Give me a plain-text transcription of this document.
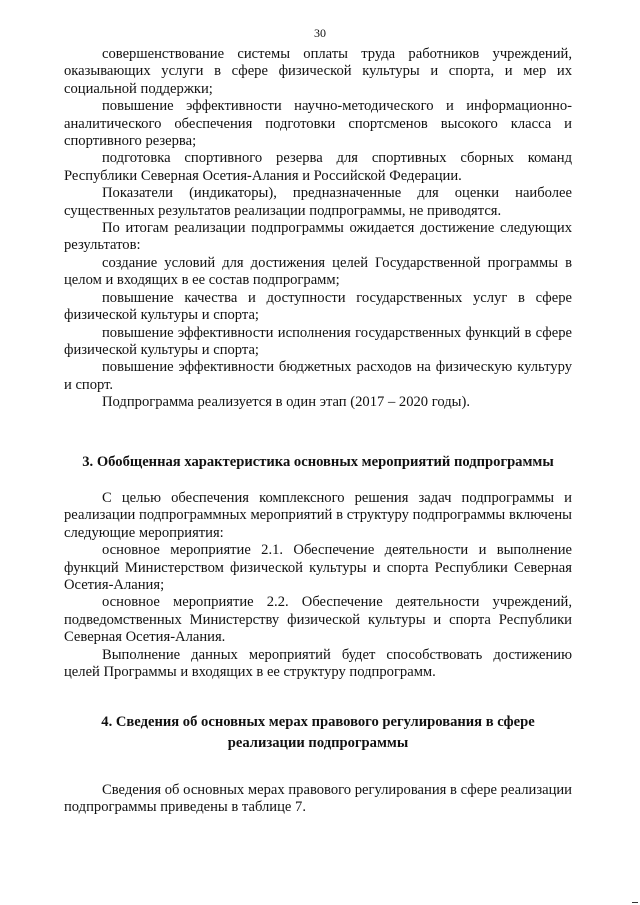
30

совершенствование системы оплаты труда работников учреждений, оказывающих услуги в сфере физической культуры и спорта, и мер их социальной поддержки;

повышение эффективности научно-методического и информационно-аналитического обеспечения подготовки спортсменов высокого класса и спортивного резерва;

подготовка спортивного резерва для спортивных сборных команд Республики Северная Осетия-Алания и Российской Федерации.

Показатели (индикаторы), предназначенные для оценки наиболее существенных результатов реализации подпрограммы, не приводятся.

По итогам реализации подпрограммы ожидается достижение следующих результатов:

создание условий для достижения целей Государственной программы в целом и входящих в ее состав подпрограмм;

повышение качества и доступности государственных услуг в сфере физической культуры и спорта;

повышение эффективности исполнения государственных функций в сфере физической культуры и спорта;

повышение эффективности бюджетных расходов на физическую культуру и спорт.

Подпрограмма реализуется в один этап (2017 – 2020 годы).

3. Обобщенная характеристика основных мероприятий подпрограммы

С целью обеспечения комплексного решения задач подпрограммы и реализации подпрограммных мероприятий в структуру подпрограммы включены следующие мероприятия:

основное мероприятие 2.1. Обеспечение деятельности и выполнение функций Министерством физической культуры и спорта Республики Северная Осетия-Алания;

основное мероприятие 2.2. Обеспечение деятельности учреждений, подведомственных Министерству физической культуры и спорта Республики Северная Осетия-Алания.

Выполнение данных мероприятий будет способствовать достижению целей Программы и входящих в ее структуру подпрограмм.

4. Сведения об основных мерах правового регулирования в сфере реализации подпрограммы

Сведения об основных мерах правового регулирования в сфере реализации подпрограммы приведены в таблице 7.
